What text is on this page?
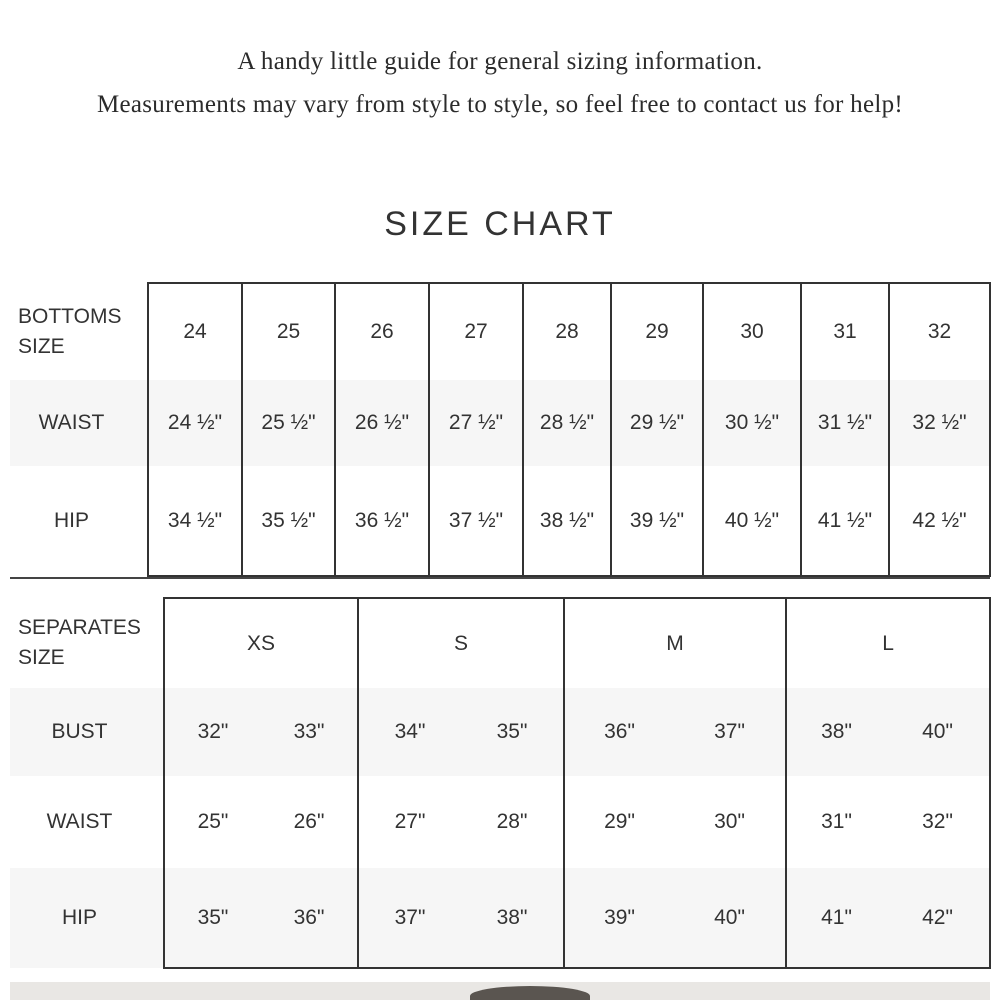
A handy little guide for general sizing information.
Measurements may vary from style to style, so feel free to contact us for help!
SIZE CHART
BOTTOMS
SIZE	24	25	26	27	28	29	30	31	32
WAIST	24 ½"	25 ½"	26 ½"	27 ½"	28 ½"	29 ½"	30 ½"	31 ½"	32 ½"
HIP	34 ½"	35 ½"	36 ½"	37 ½"	38 ½"	39 ½"	40 ½"	41 ½"	42 ½"
SEPARATES
SIZE	XS		S		M		L	
BUST	32"	33"	34"	35"	36"	37"	38"	40"
WAIST	25"	26"	27"	28"	29"	30"	31"	32"
HIP	35"	36"	37"	38"	39"	40"	41"	42"
